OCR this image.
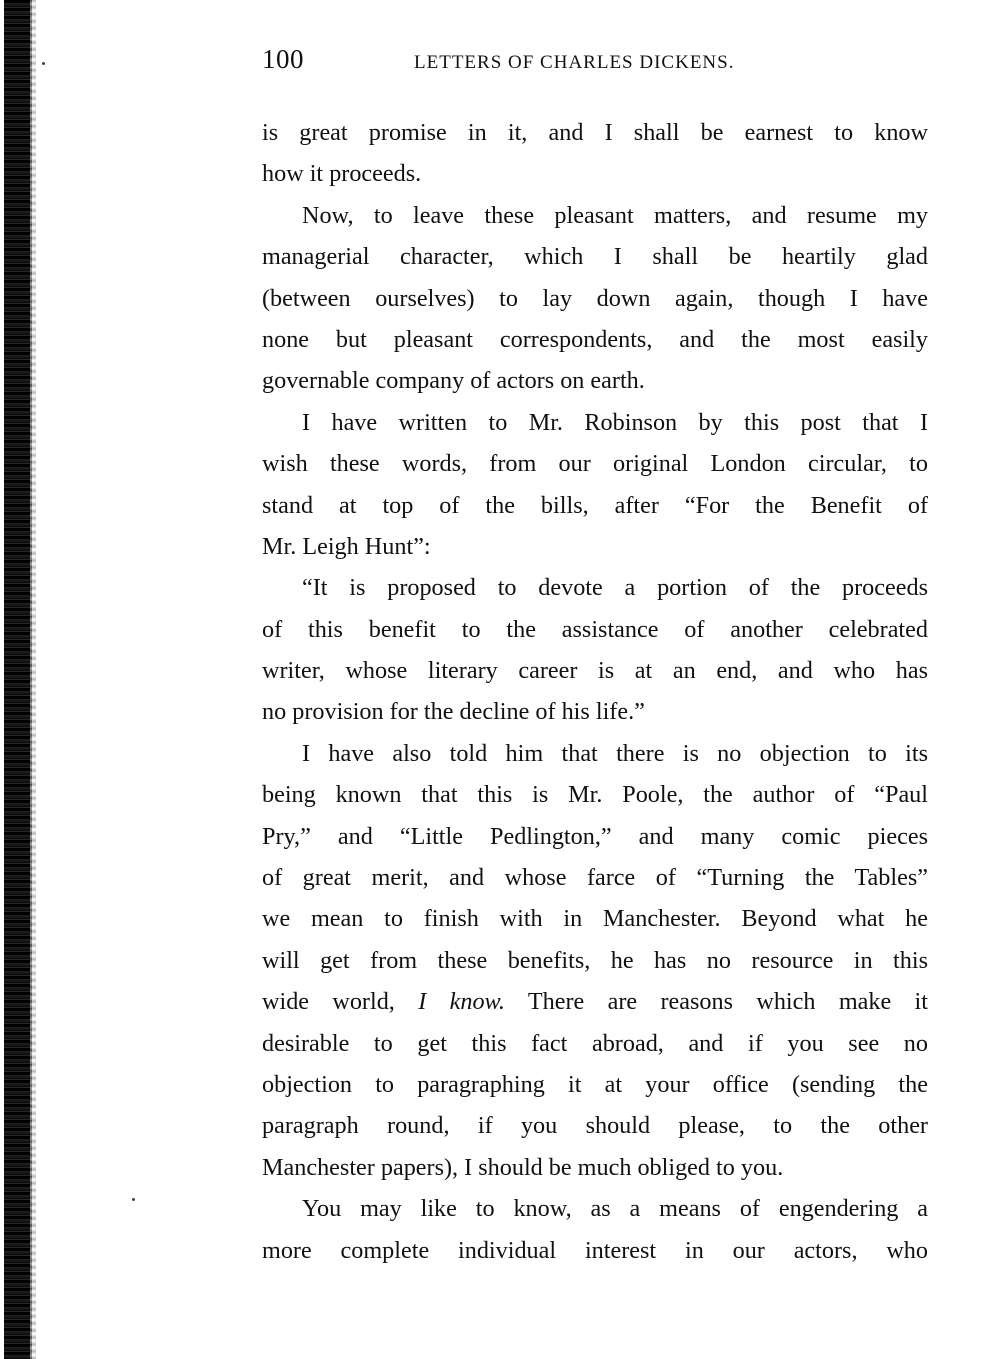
100	LETTERS OF CHARLES DICKENS.
is great promise in it, and I shall be earnest to know
how it proceeds.
Now, to leave these pleasant matters, and resume my
managerial character, which I shall be heartily glad
(between ourselves) to lay down again, though I have
none but pleasant correspondents, and the most easily
governable company of actors on earth.
I have written to Mr. Robinson by this post that I
wish these words, from our original London circular, to
stand at top of the bills, after “For the Benefit of
Mr. Leigh Hunt”:
“It is proposed to devote a portion of the proceeds
of this benefit to the assistance of another celebrated
writer, whose literary career is at an end, and who has
no provision for the decline of his life.”
I have also told him that there is no objection to its
being known that this is Mr. Poole, the author of “Paul
Pry,” and “Little Pedlington,” and many comic pieces
of great merit, and whose farce of “Turning the Tables”
we mean to finish with in Manchester. Beyond what he
will get from these benefits, he has no resource in this
wide world, I know. There are reasons which make it
desirable to get this fact abroad, and if you see no
objection to paragraphing it at your office (sending the
paragraph round, if you should please, to the other
Manchester papers), I should be much obliged to you.
You may like to know, as a means of engendering a
more complete individual interest in our actors, who
